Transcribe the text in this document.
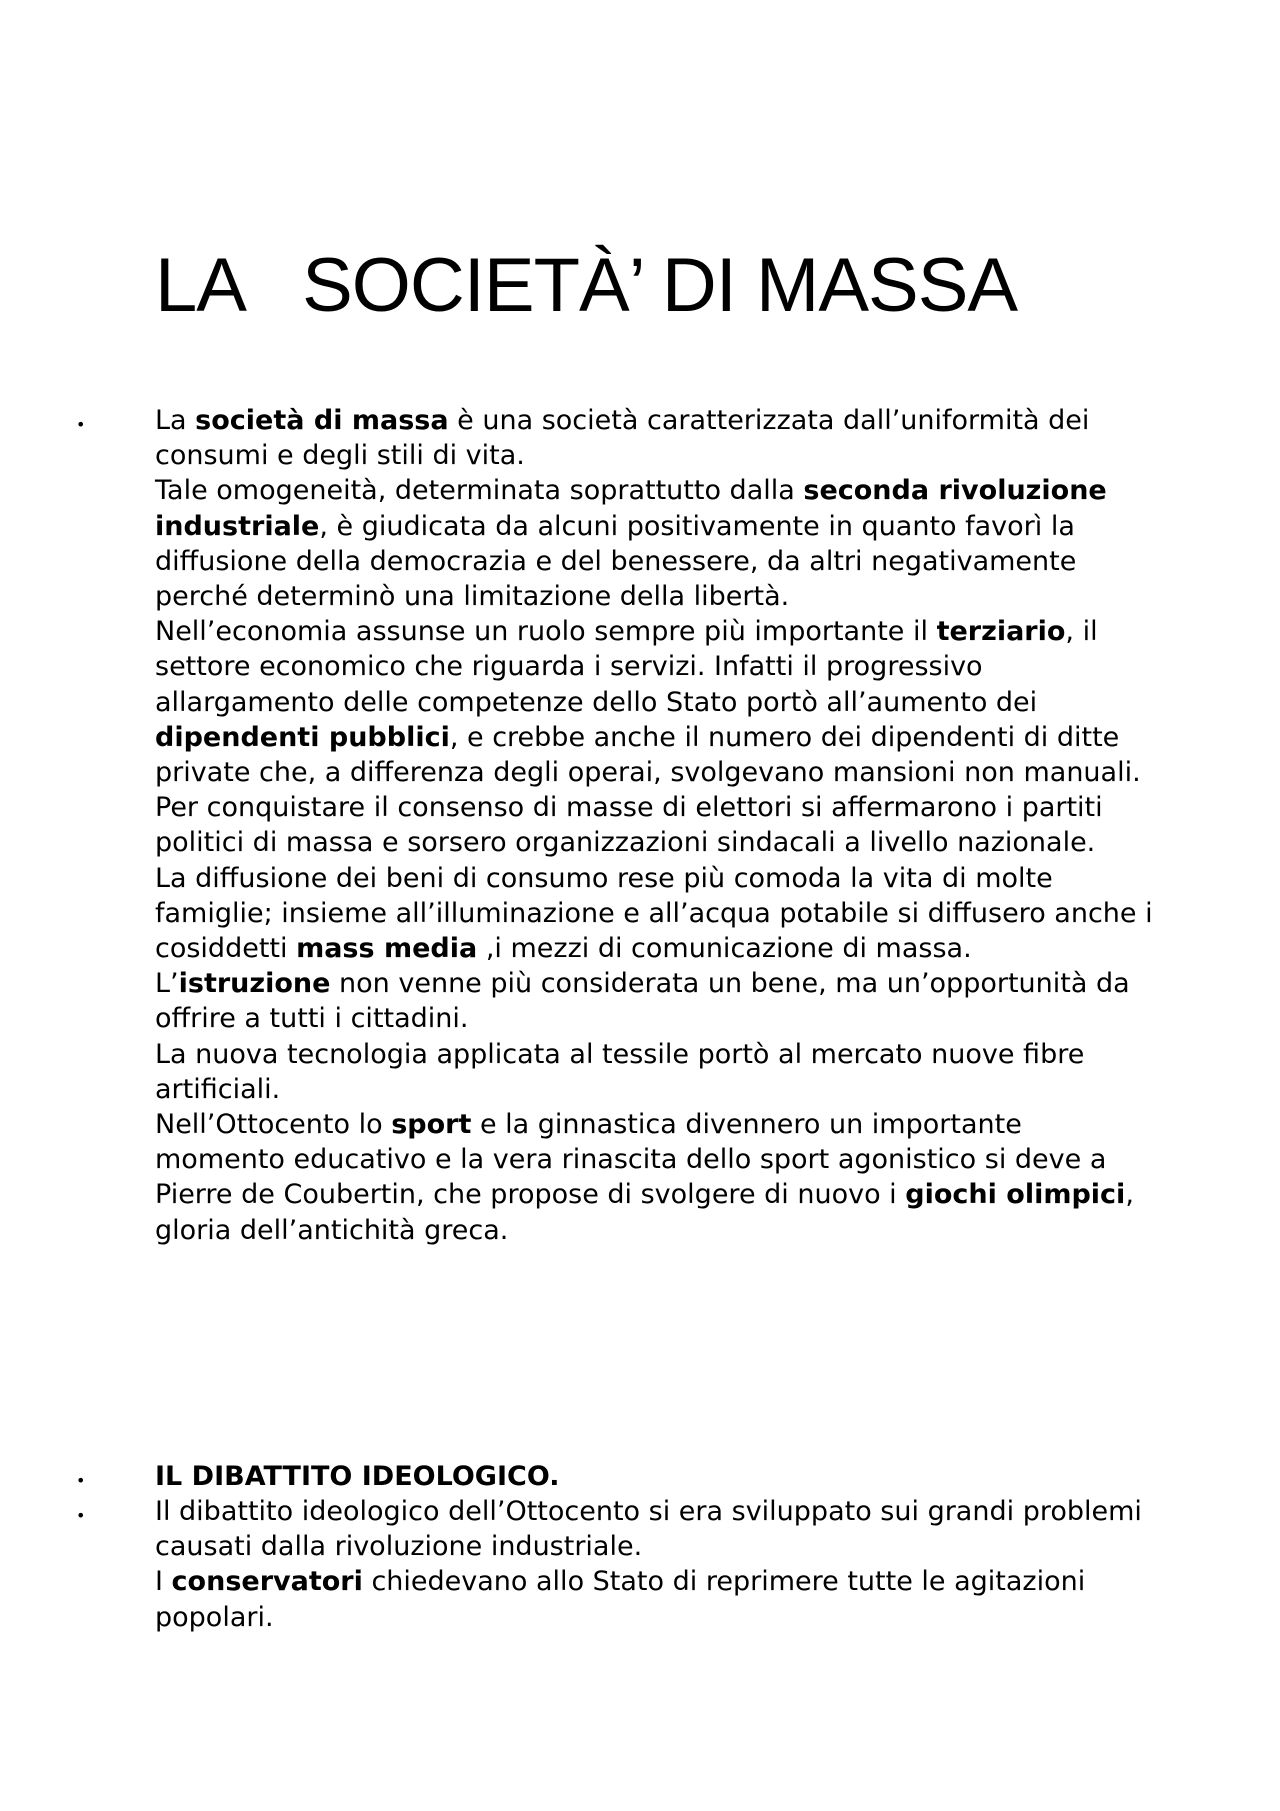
LA   SOCIETÀ’ DI MASSA
•	La società di massa è una società caratterizzata dall’uniformità dei consumi e degli stili di vita.

Tale omogeneità, determinata soprattutto dalla seconda rivoluzione industriale, è giudicata da alcuni positivamente in quanto favorì la diffusione della democrazia e del benessere, da altri negativamente perché determinò una limitazione della libertà.

Nell’economia assunse un ruolo sempre più importante il terziario, il settore economico che riguarda i servizi. Infatti il progressivo allargamento delle competenze dello Stato portò all’aumento dei dipendenti pubblici, e crebbe anche il numero dei dipendenti di ditte private che, a differenza degli operai, svolgevano mansioni non manuali.

Per conquistare il consenso di masse di elettori si affermarono i partiti politici di massa e sorsero organizzazioni sindacali a livello nazionale.

La diffusione dei beni di consumo rese più comoda la vita di molte famiglie; insieme all’illuminazione e all’acqua potabile si diffusero anche i cosiddetti mass media ,i mezzi di comunicazione di massa.

L’istruzione non venne più considerata un bene, ma un’opportunità da offrire a tutti i cittadini.

La nuova tecnologia applicata al tessile portò al mercato nuove fibre artificiali.

Nell’Ottocento lo sport e la ginnastica divennero un importante momento educativo e la vera rinascita dello sport agonistico si deve a Pierre de Coubertin, che propose di svolgere di nuovo i giochi olimpici, gloria dell’antichità greca.

•	IL DIBATTITO IDEOLOGICO.

•	Il dibattito ideologico dell’Ottocento si era sviluppato sui grandi problemi causati dalla rivoluzione industriale.

I conservatori chiedevano allo Stato di reprimere tutte le agitazioni popolari.
